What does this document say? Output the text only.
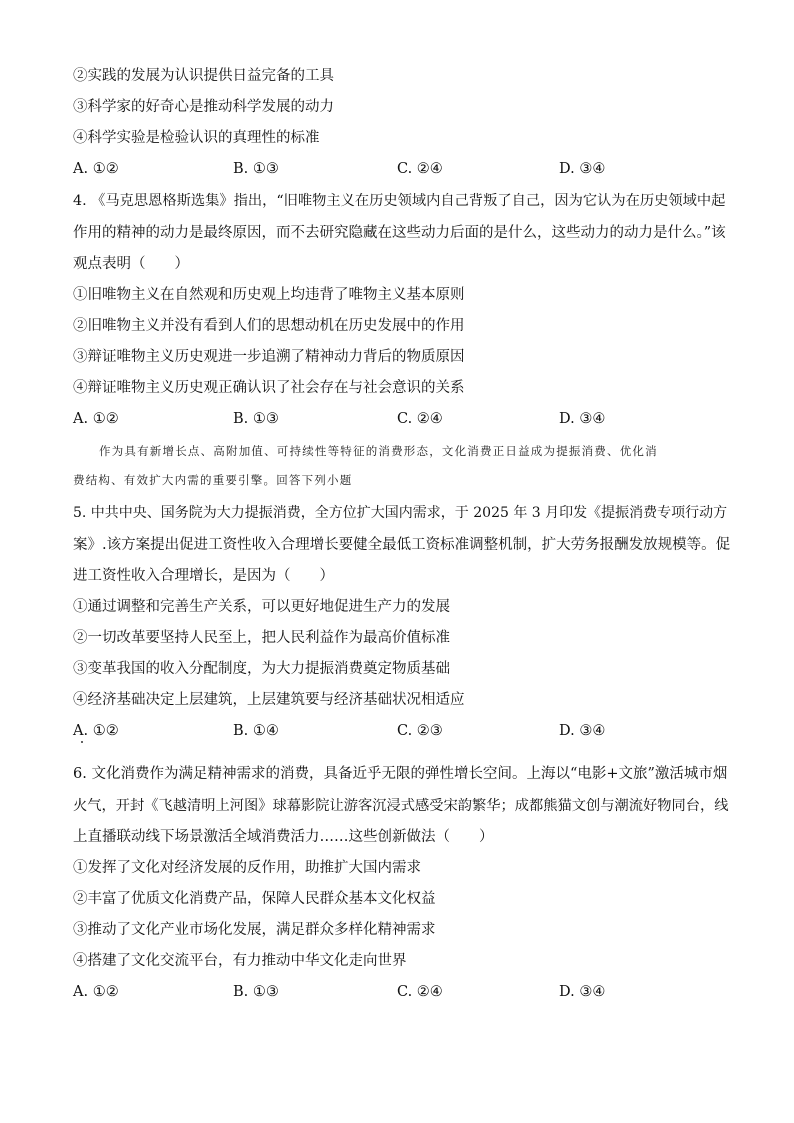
②实践的发展为认识提供日益完备的工具
③科学家的好奇心是推动科学发展的动力
④科学实验是检验认识的真理性的标准
A. ①②	B. ①③	C. ②④	D. ③④
4. 《马克思恩格斯选集》指出，“旧唯物主义在历史领域内自己背叛了自己，因为它认为在历史领域中起
作用的精神的动力是最终原因，而不去研究隐藏在这些动力后面的是什么，这些动力的动力是什么。”该
观点表明（　　）
①旧唯物主义在自然观和历史观上均违背了唯物主义基本原则
②旧唯物主义并没有看到人们的思想动机在历史发展中的作用
③辩证唯物主义历史观进一步追溯了精神动力背后的物质原因
④辩证唯物主义历史观正确认识了社会存在与社会意识的关系
A. ①②	B. ①③	C. ②④	D. ③④
作为具有新增长点、高附加值、可持续性等特征的消费形态，文化消费正日益成为提振消费、优化消
费结构、有效扩大内需的重要引擎。回答下列小题
5. 中共中央、国务院为大力提振消费，全方位扩大国内需求，于 2025 年 3 月印发《提振消费专项行动方
案》.该方案提出促进工资性收入合理增长要健全最低工资标准调整机制，扩大劳务报酬发放规模等。促
进工资性收入合理增长，是因为（　　）
①通过调整和完善生产关系，可以更好地促进生产力的发展
②一切改革要坚持人民至上，把人民利益作为最高价值标准
③变革我国的收入分配制度，为大力提振消费奠定物质基础
④经济基础决定上层建筑，上层建筑要与经济基础状况相适应
A. ①②	B. ①④	C. ②③	D. ③④
6. 文化消费作为满足精神需求的消费，具备近乎无限的弹性增长空间。上海以“电影+文旅”激活城市烟
火气，开封《飞越清明上河图》球幕影院让游客沉浸式感受宋韵繁华；成都熊猫文创与潮流好物同台，线
上直播联动线下场景激活全域消费活力……这些创新做法（　　）
①发挥了文化对经济发展的反作用，助推扩大国内需求
②丰富了优质文化消费产品，保障人民群众基本文化权益
③推动了文化产业市场化发展，满足群众多样化精神需求
④搭建了文化交流平台，有力推动中华文化走向世界
A. ①②	B. ①③	C. ②④	D. ③④
